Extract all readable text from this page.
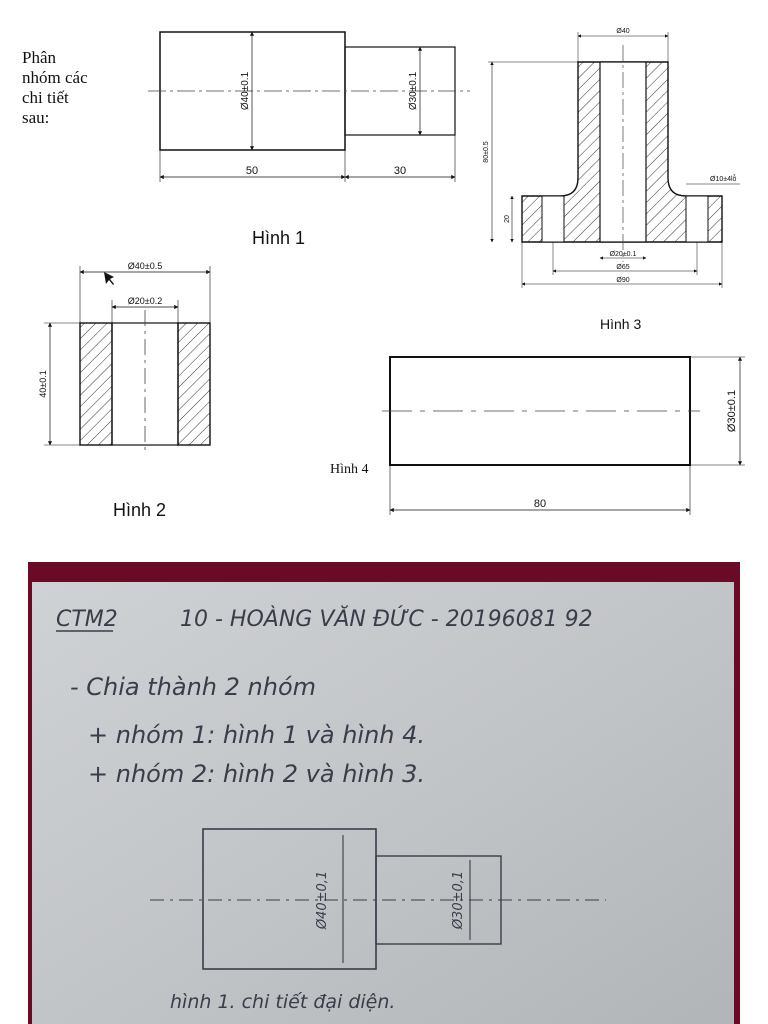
Phân
nhóm các
chi tiết
sau:
Ø40±0.1	Ø30±0.1
50	30
Ø40
80±0.5
20
Ø10±4lỗ
Ø20±0.1
Ø65
Ø90
Ø40±0.5
Ø20±0.2
40±0.1
Ø30±0.1
80
Hình 1
Hình 3
Hình 2
Hình 4
CTM2	10 - HOÀNG VĂN ĐỨC - 20196081 92
- Chia thành 2 nhóm
+ nhóm 1: hình 1 và hình 4.
+ nhóm 2: hình 2 và hình 3.
Ø40±0,1	Ø30±0,1
hình 1. chi tiết đại diện.
